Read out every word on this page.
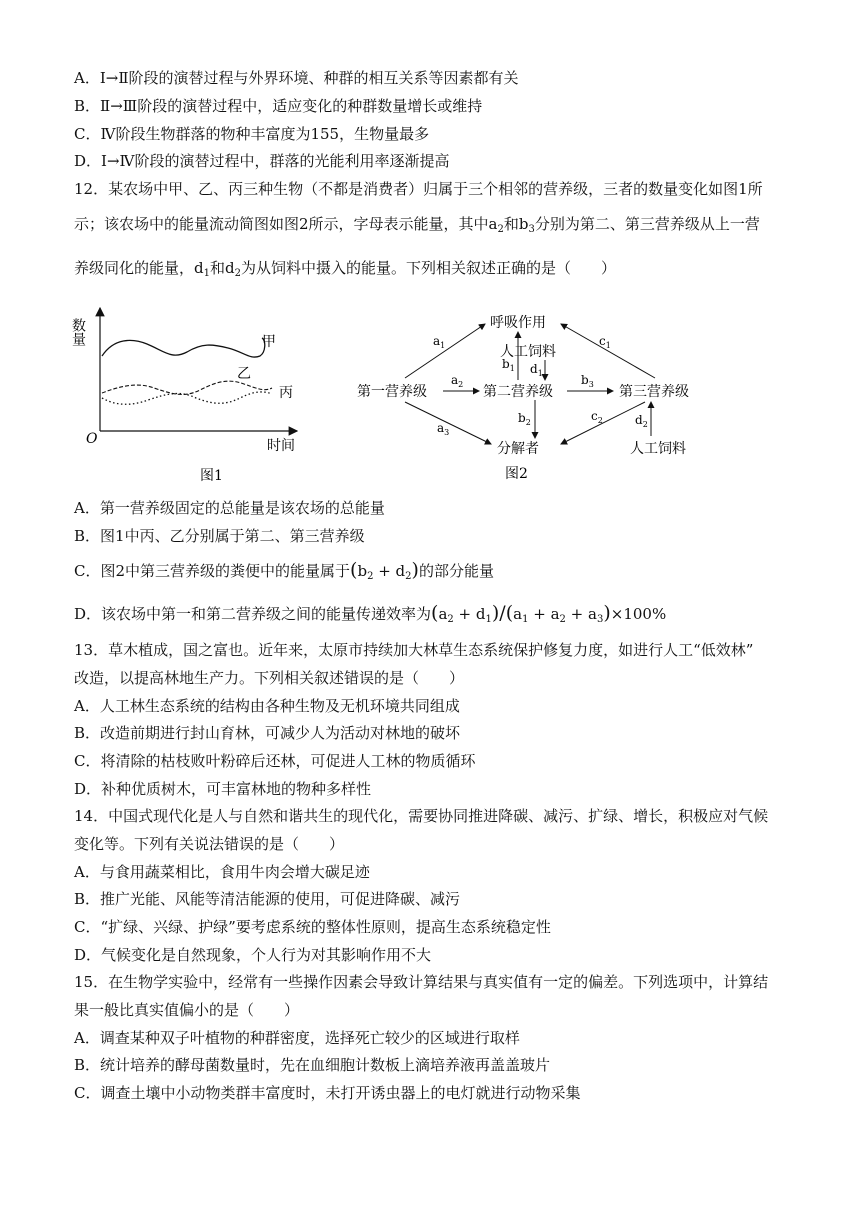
A．Ⅰ→Ⅱ阶段的演替过程与外界环境、种群的相互关系等因素都有关
B．Ⅱ→Ⅲ阶段的演替过程中，适应变化的种群数量增长或维持
C．Ⅳ阶段生物群落的物种丰富度为155，生物量最多
D．Ⅰ→Ⅳ阶段的演替过程中，群落的光能利用率逐渐提高
12．某农场中甲、乙、丙三种生物（不都是消费者）归属于三个相邻的营养级，三者的数量变化如图1所
示；该农场中的能量流动简图如图2所示，字母表示能量，其中$a_2$和$b_3$分别为第二、第三营养级从上一营
养级同化的能量，$d_1$和$d_2$为从饲料中摄入的能量。下列相关叙述正确的是（　　）
数量
O	时间
甲
乙
丙
图1
呼吸作用
人工饲料
第一营养级	第二营养级	第三营养级
分解者	人工饲料
图2
$a_1$
$a_2$
$a_3$
$b_1$ $d_1$
$b_2$
$b_3$
$c_1$
$c_2$	$d_2$
A．第一营养级固定的总能量是该农场的总能量
B．图1中丙、乙分别属于第二、第三营养级
C．图2中第三营养级的粪便中的能量属于$(b_2 + d_2)$的部分能量
D．该农场中第一和第二营养级之间的能量传递效率为$(a_2 + d_1)/(a_1 + a_2 + a_3)\times 100\%$
13．草木植成，国之富也。近年来，太原市持续加大林草生态系统保护修复力度，如进行人工“低效林”
改造，以提高林地生产力。下列相关叙述错误的是（　　）
A．人工林生态系统的结构由各种生物及无机环境共同组成
B．改造前期进行封山育林，可减少人为活动对林地的破坏
C．将清除的枯枝败叶粉碎后还林，可促进人工林的物质循环
D．补种优质树木，可丰富林地的物种多样性
14．中国式现代化是人与自然和谐共生的现代化，需要协同推进降碳、减污、扩绿、增长，积极应对气候
变化等。下列有关说法错误的是（　　）
A．与食用蔬菜相比，食用牛肉会增大碳足迹
B．推广光能、风能等清洁能源的使用，可促进降碳、减污
C．“扩绿、兴绿、护绿”要考虑系统的整体性原则，提高生态系统稳定性
D．气候变化是自然现象，个人行为对其影响作用不大
15．在生物学实验中，经常有一些操作因素会导致计算结果与真实值有一定的偏差。下列选项中，计算结
果一般比真实值偏小的是（　　）
A．调查某种双子叶植物的种群密度，选择死亡较少的区域进行取样
B．统计培养的酵母菌数量时，先在血细胞计数板上滴培养液再盖盖玻片
C．调查土壤中小动物类群丰富度时，未打开诱虫器上的电灯就进行动物采集
